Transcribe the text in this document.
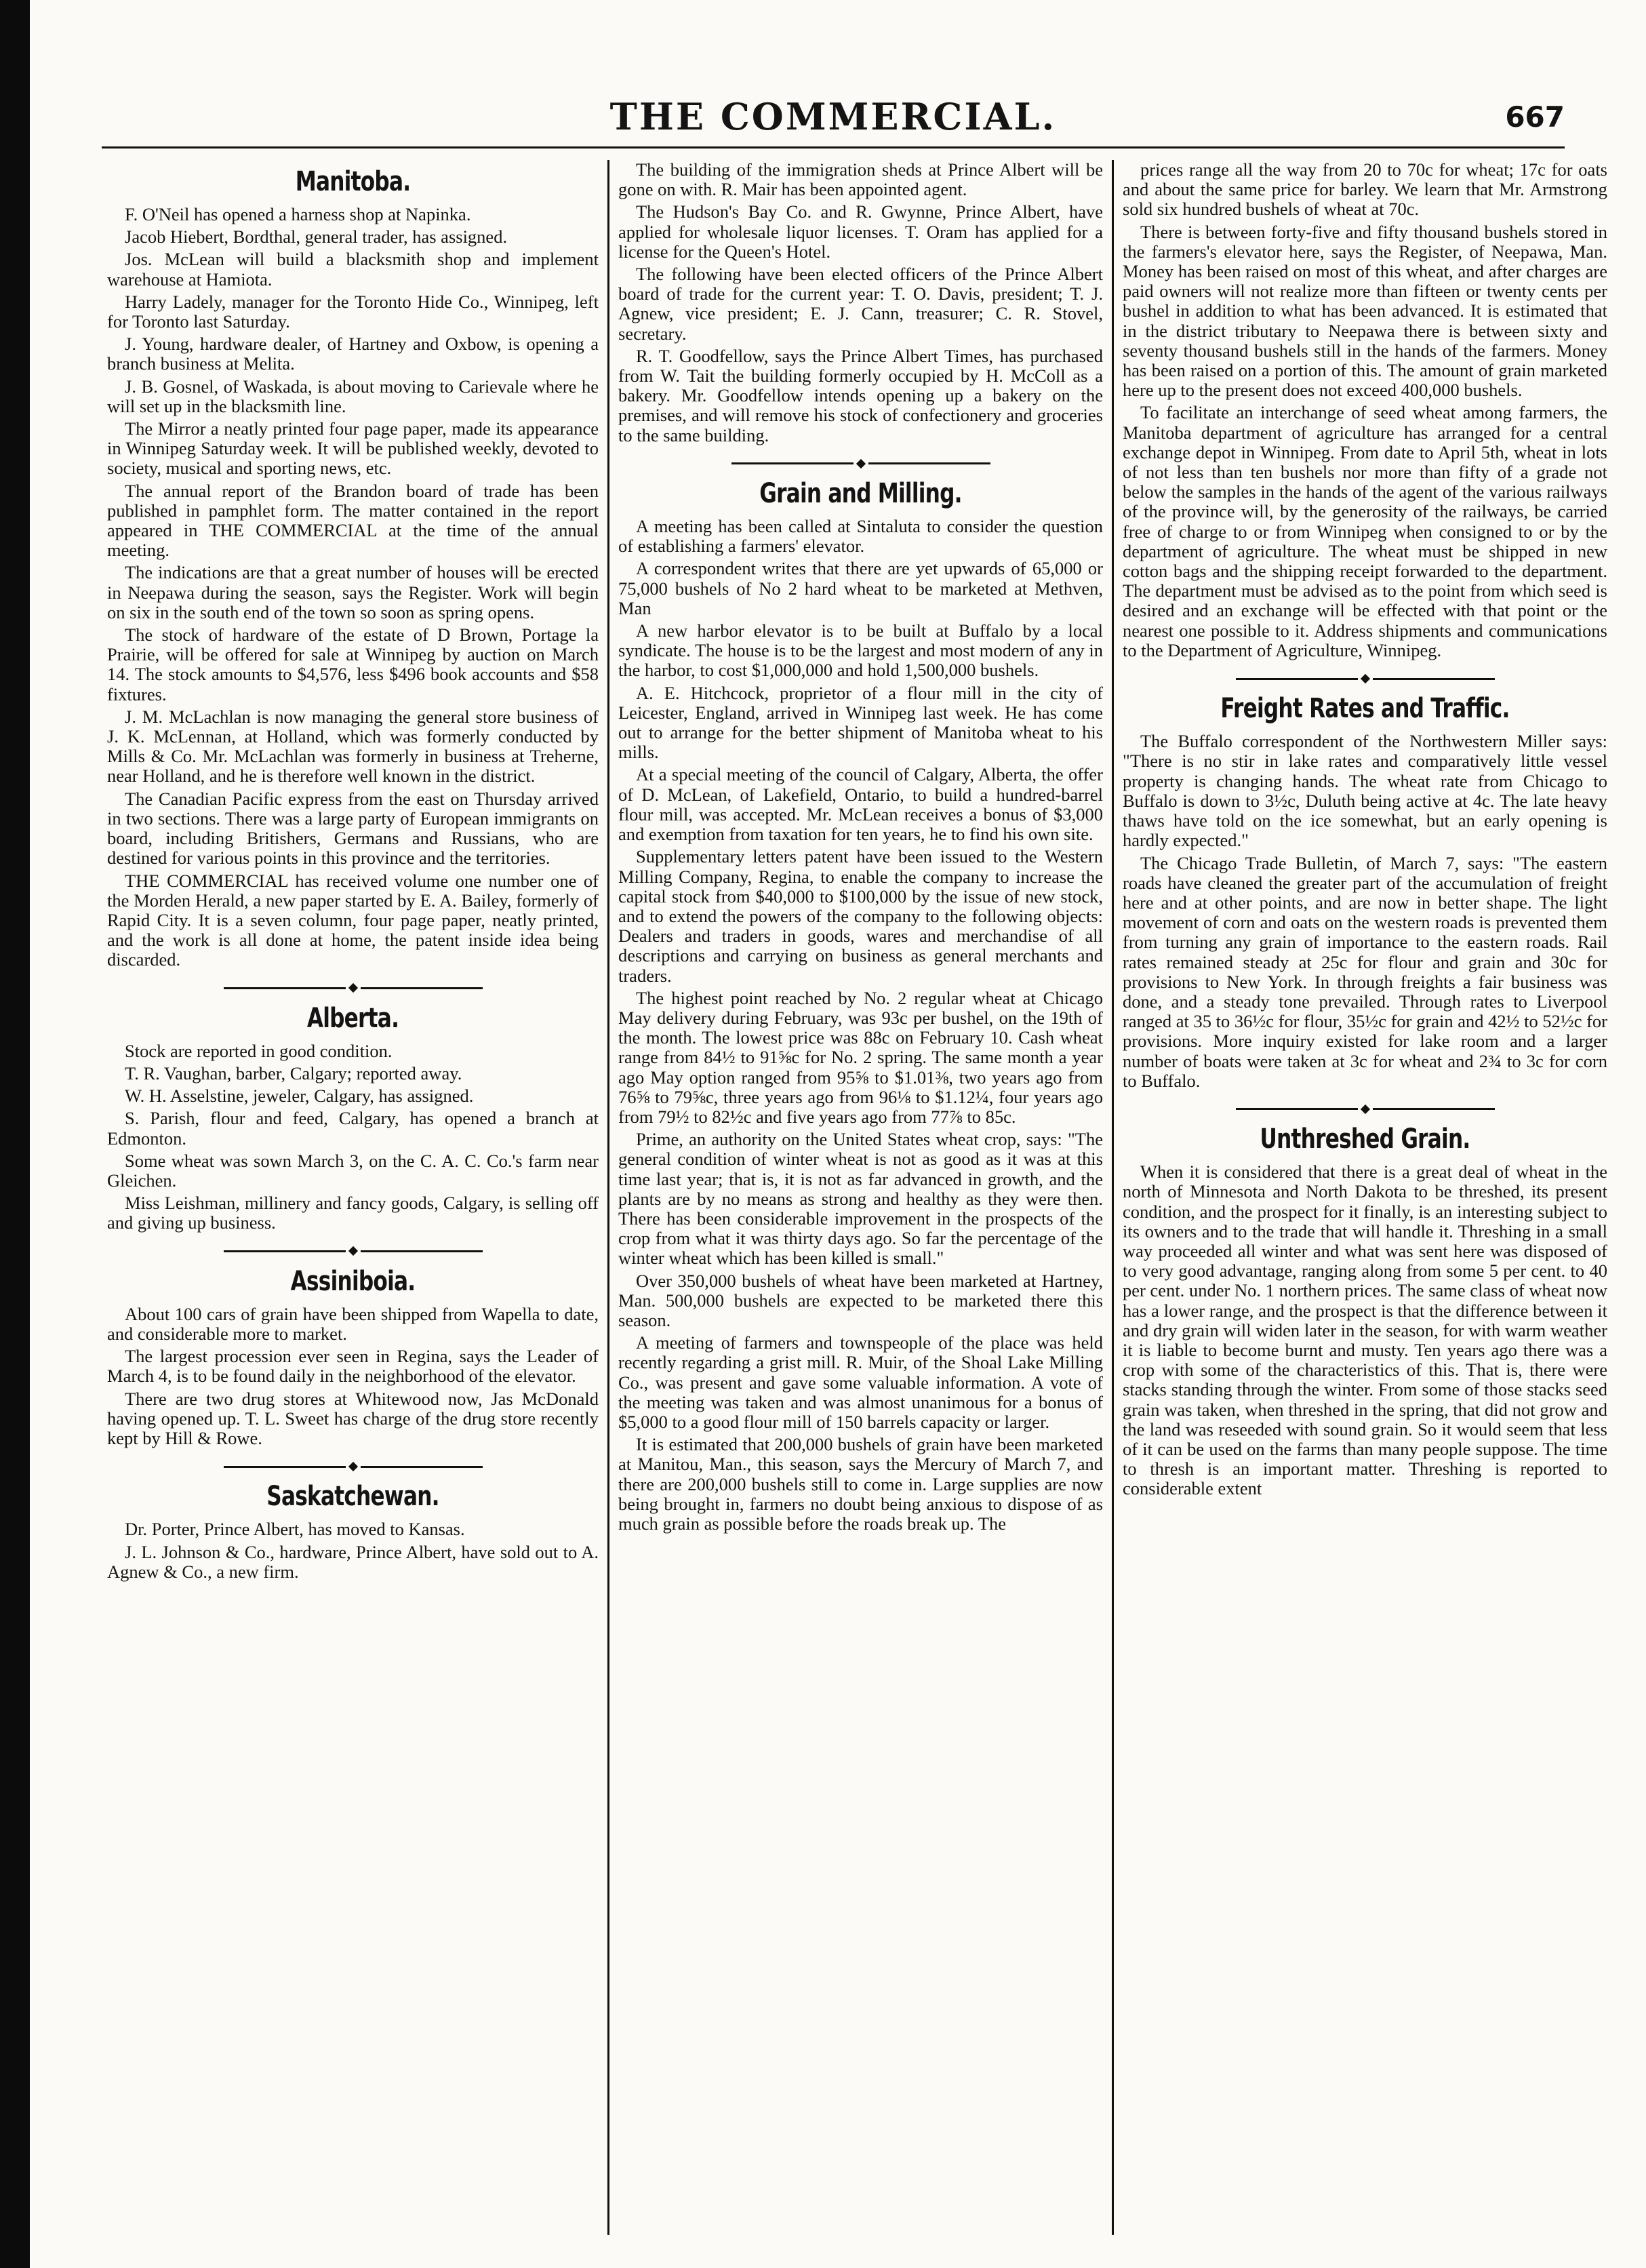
THE COMMERCIAL.	667
Manitoba.

F. O'Neil has opened a harness shop at Napinka.

Jacob Hiebert, Bordthal, general trader, has assigned.

Jos. McLean will build a blacksmith shop and implement warehouse at Hamiota.

Harry Ladely, manager for the Toronto Hide Co., Winnipeg, left for Toronto last Saturday.

J. Young, hardware dealer, of Hartney and Oxbow, is opening a branch business at Melita.

J. B. Gosnel, of Waskada, is about moving to Carievale where he will set up in the blacksmith line.

The Mirror a neatly printed four page paper, made its appearance in Winnipeg Saturday week. It will be published weekly, devoted to society, musical and sporting news, etc.

The annual report of the Brandon board of trade has been published in pamphlet form. The matter contained in the report appeared in THE COMMERCIAL at the time of the annual meeting.

The indications are that a great number of houses will be erected in Neepawa during the season, says the Register. Work will begin on six in the south end of the town so soon as spring opens.

The stock of hardware of the estate of D Brown, Portage la Prairie, will be offered for sale at Winnipeg by auction on March 14. The stock amounts to $4,576, less $496 book accounts and $58 fixtures.

J. M. McLachlan is now managing the general store business of J. K. McLennan, at Holland, which was formerly conducted by Mills & Co. Mr. McLachlan was formerly in business at Treherne, near Holland, and he is therefore well known in the district.

The Canadian Pacific express from the east on Thursday arrived in two sections. There was a large party of European immigrants on board, including Britishers, Germans and Russians, who are destined for various points in this province and the territories.

THE COMMERCIAL has received volume one number one of the Morden Herald, a new paper started by E. A. Bailey, formerly of Rapid City. It is a seven column, four page paper, neatly printed, and the work is all done at home, the patent inside idea being discarded.

Alberta.

Stock are reported in good condition.

T. R. Vaughan, barber, Calgary; reported away.

W. H. Asselstine, jeweler, Calgary, has assigned.

S. Parish, flour and feed, Calgary, has opened a branch at Edmonton.

Some wheat was sown March 3, on the C. A. C. Co.'s farm near Gleichen.

Miss Leishman, millinery and fancy goods, Calgary, is selling off and giving up business.

Assiniboia.

About 100 cars of grain have been shipped from Wapella to date, and considerable more to market.

The largest procession ever seen in Regina, says the Leader of March 4, is to be found daily in the neighborhood of the elevator.

There are two drug stores at Whitewood now, Jas McDonald having opened up. T. L. Sweet has charge of the drug store recently kept by Hill & Rowe.

Saskatchewan.

Dr. Porter, Prince Albert, has moved to Kansas.

J. L. Johnson & Co., hardware, Prince Albert, have sold out to A. Agnew & Co., a new firm.

The building of the immigration sheds at Prince Albert will be gone on with. R. Mair has been appointed agent.

The Hudson's Bay Co. and R. Gwynne, Prince Albert, have applied for wholesale liquor licenses. T. Oram has applied for a license for the Queen's Hotel.

The following have been elected officers of the Prince Albert board of trade for the current year: T. O. Davis, president; T. J. Agnew, vice president; E. J. Cann, treasurer; C. R. Stovel, secretary.

R. T. Goodfellow, says the Prince Albert Times, has purchased from W. Tait the building formerly occupied by H. McColl as a bakery. Mr. Goodfellow intends opening up a bakery on the premises, and will remove his stock of confectionery and groceries to the same building.

Grain and Milling.

A meeting has been called at Sintaluta to consider the question of establishing a farmers' elevator.

A correspondent writes that there are yet upwards of 65,000 or 75,000 bushels of No 2 hard wheat to be marketed at Methven, Man

A new harbor elevator is to be built at Buffalo by a local syndicate. The house is to be the largest and most modern of any in the harbor, to cost $1,000,000 and hold 1,500,000 bushels.

A. E. Hitchcock, proprietor of a flour mill in the city of Leicester, England, arrived in Winnipeg last week. He has come out to arrange for the better shipment of Manitoba wheat to his mills.

At a special meeting of the council of Calgary, Alberta, the offer of D. McLean, of Lakefield, Ontario, to build a hundred-barrel flour mill, was accepted. Mr. McLean receives a bonus of $3,000 and exemption from taxation for ten years, he to find his own site.

Supplementary letters patent have been issued to the Western Milling Company, Regina, to enable the company to increase the capital stock from $40,000 to $100,000 by the issue of new stock, and to extend the powers of the company to the following objects: Dealers and traders in goods, wares and merchandise of all descriptions and carrying on business as general merchants and traders.

The highest point reached by No. 2 regular wheat at Chicago May delivery during February, was 93c per bushel, on the 19th of the month. The lowest price was 88c on February 10. Cash wheat range from 84½ to 91⅝c for No. 2 spring. The same month a year ago May option ranged from 95⅝ to $1.01⅜, two years ago from 76⅝ to 79⅝c, three years ago from 96⅛ to $1.12¼, four years ago from 79½ to 82½c and five years ago from 77⅞ to 85c.

Prime, an authority on the United States wheat crop, says: "The general condition of winter wheat is not as good as it was at this time last year; that is, it is not as far advanced in growth, and the plants are by no means as strong and healthy as they were then. There has been considerable improvement in the prospects of the crop from what it was thirty days ago. So far the percentage of the winter wheat which has been killed is small."

Over 350,000 bushels of wheat have been marketed at Hartney, Man. 500,000 bushels are expected to be marketed there this season.

A meeting of farmers and townspeople of the place was held recently regarding a grist mill. R. Muir, of the Shoal Lake Milling Co., was present and gave some valuable information. A vote of the meeting was taken and was almost unanimous for a bonus of $5,000 to a good flour mill of 150 barrels capacity or larger.

It is estimated that 200,000 bushels of grain have been marketed at Manitou, Man., this season, says the Mercury of March 7, and there are 200,000 bushels still to come in. Large supplies are now being brought in, farmers no doubt being anxious to dispose of as much grain as possible before the roads break up. The

prices range all the way from 20 to 70c for wheat; 17c for oats and about the same price for barley. We learn that Mr. Armstrong sold six hundred bushels of wheat at 70c.

There is between forty-five and fifty thousand bushels stored in the farmers's elevator here, says the Register, of Neepawa, Man. Money has been raised on most of this wheat, and after charges are paid owners will not realize more than fifteen or twenty cents per bushel in addition to what has been advanced. It is estimated that in the district tributary to Neepawa there is between sixty and seventy thousand bushels still in the hands of the farmers. Money has been raised on a portion of this. The amount of grain marketed here up to the present does not exceed 400,000 bushels.

To facilitate an interchange of seed wheat among farmers, the Manitoba department of agriculture has arranged for a central exchange depot in Winnipeg. From date to April 5th, wheat in lots of not less than ten bushels nor more than fifty of a grade not below the samples in the hands of the agent of the various railways of the province will, by the generosity of the railways, be carried free of charge to or from Winnipeg when consigned to or by the department of agriculture. The wheat must be shipped in new cotton bags and the shipping receipt forwarded to the department. The department must be advised as to the point from which seed is desired and an exchange will be effected with that point or the nearest one possible to it. Address shipments and communications to the Department of Agriculture, Winnipeg.

Freight Rates and Traffic.

The Buffalo correspondent of the Northwestern Miller says: "There is no stir in lake rates and comparatively little vessel property is changing hands. The wheat rate from Chicago to Buffalo is down to 3½c, Duluth being active at 4c. The late heavy thaws have told on the ice somewhat, but an early opening is hardly expected."

The Chicago Trade Bulletin, of March 7, says: "The eastern roads have cleaned the greater part of the accumulation of freight here and at other points, and are now in better shape. The light movement of corn and oats on the western roads is prevented them from turning any grain of importance to the eastern roads. Rail rates remained steady at 25c for flour and grain and 30c for provisions to New York. In through freights a fair business was done, and a steady tone prevailed. Through rates to Liverpool ranged at 35 to 36½c for flour, 35½c for grain and 42½ to 52½c for provisions. More inquiry existed for lake room and a larger number of boats were taken at 3c for wheat and 2¾ to 3c for corn to Buffalo.

Unthreshed Grain.

When it is considered that there is a great deal of wheat in the north of Minnesota and North Dakota to be threshed, its present condition, and the prospect for it finally, is an interesting subject to its owners and to the trade that will handle it. Threshing in a small way proceeded all winter and what was sent here was disposed of to very good advantage, ranging along from some 5 per cent. to 40 per cent. under No. 1 northern prices. The same class of wheat now has a lower range, and the prospect is that the difference between it and dry grain will widen later in the season, for with warm weather it is liable to become burnt and musty. Ten years ago there was a crop with some of the characteristics of this. That is, there were stacks standing through the winter. From some of those stacks seed grain was taken, when threshed in the spring, that did not grow and the land was reseeded with sound grain. So it would seem that less of it can be used on the farms than many people suppose. The time to thresh is an important matter. Threshing is reported to considerable extent
